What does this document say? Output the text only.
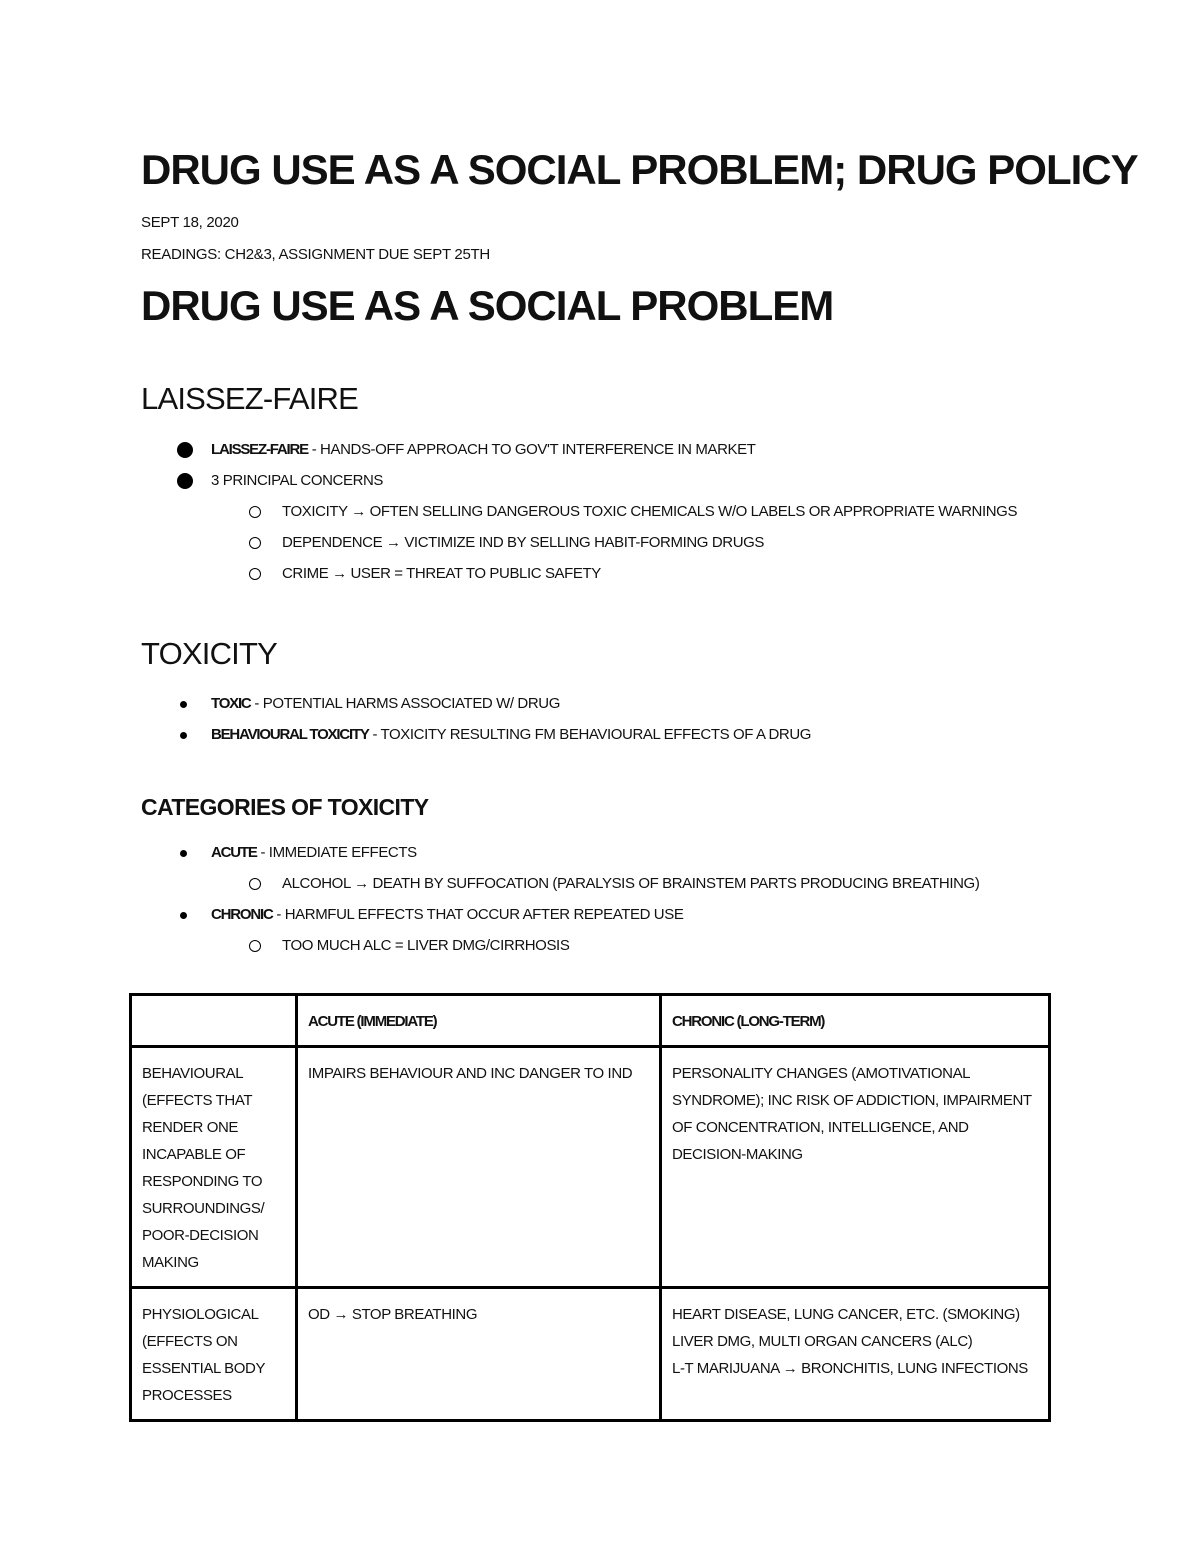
DRUG USE AS A SOCIAL PROBLEM; DRUG POLICY
SEPT 18, 2020
READINGS: CH2&3, ASSIGNMENT DUE SEPT 25TH
DRUG USE AS A SOCIAL PROBLEM
LAISSEZ-FAIRE
LAISSEZ-FAIRE - HANDS-OFF APPROACH TO GOV'T INTERFERENCE IN MARKET
3 PRINCIPAL CONCERNS
TOXICITY → OFTEN SELLING DANGEROUS TOXIC CHEMICALS W/O LABELS OR APPROPRIATE WARNINGS
DEPENDENCE → VICTIMIZE IND BY SELLING HABIT-FORMING DRUGS
CRIME → USER = THREAT TO PUBLIC SAFETY
TOXICITY
TOXIC - POTENTIAL HARMS ASSOCIATED W/ DRUG
BEHAVIOURAL TOXICITY - TOXICITY RESULTING FM BEHAVIOURAL EFFECTS OF A DRUG
CATEGORIES OF TOXICITY
ACUTE - IMMEDIATE EFFECTS
ALCOHOL → DEATH BY SUFFOCATION (PARALYSIS OF BRAINSTEM PARTS PRODUCING BREATHING)
CHRONIC - HARMFUL EFFECTS THAT OCCUR AFTER REPEATED USE
TOO MUCH ALC = LIVER DMG/CIRRHOSIS
	ACUTE (IMMEDIATE)	CHRONIC (LONG-TERM)
BEHAVIOURAL (EFFECTS THAT RENDER ONE INCAPABLE OF RESPONDING TO SURROUNDINGS/ POOR-DECISION MAKING	IMPAIRS BEHAVIOUR AND INC DANGER TO IND	PERSONALITY CHANGES (AMOTIVATIONAL SYNDROME); INC RISK OF ADDICTION, IMPAIRMENT OF CONCENTRATION, INTELLIGENCE, AND DECISION-MAKING
PHYSIOLOGICAL (EFFECTS ON ESSENTIAL BODY PROCESSES	OD → STOP BREATHING	HEART DISEASE, LUNG CANCER, ETC. (SMOKING)
LIVER DMG, MULTI ORGAN CANCERS (ALC)
L-T MARIJUANA → BRONCHITIS, LUNG INFECTIONS
